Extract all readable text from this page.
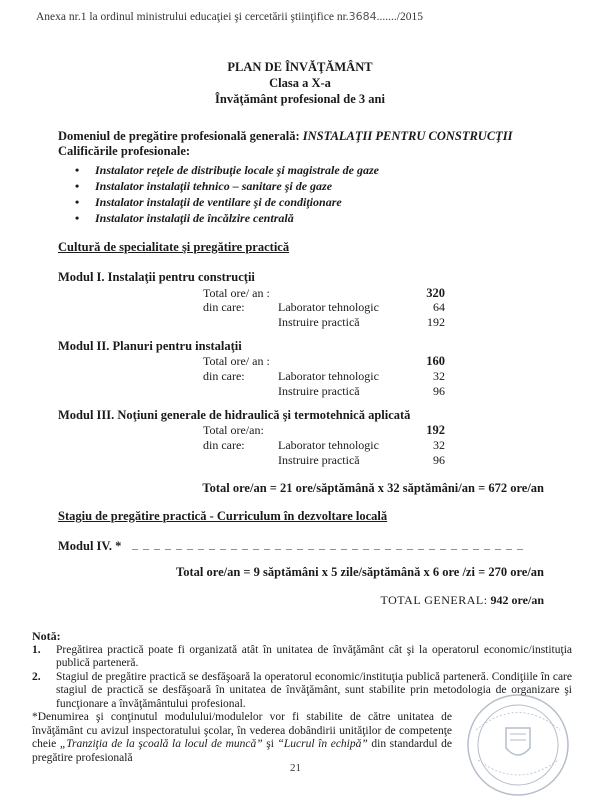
Anexa nr.1 la ordinul ministrului educaţiei şi cercetării ştiinţifice nr.3684......./2015
PLAN DE ÎNVĂŢĂMÂNT
Clasa a X-a
Învăţământ profesional de 3 ani
Domeniul de pregătire profesională generală: INSTALAŢII PENTRU CONSTRUCŢII
Calificările profesionale:
• Instalator reţele de distribuţie locale şi magistrale de gaze
• Instalator instalaţii tehnico – sanitare şi de gaze
• Instalator instalaţii de ventilare şi de condiţionare
• Instalator instalaţii de încălzire centrală
Cultură de specialitate şi pregătire practică
Modul I. Instalaţii pentru construcţii
Total ore/ an :	320
din care:	Laborator tehnologic	64
Instruire practică	192
Modul II. Planuri pentru instalaţii
Total ore/ an :	160
din care:	Laborator tehnologic	32
Instruire practică	96
Modul III. Noţiuni generale de hidraulică şi termotehnică aplicată
Total ore/an:	192
din care:	Laborator tehnologic	32
Instruire practică	96
Total ore/an = 21 ore/săptămână x 32 săptămâni/an = 672 ore/an
Stagiu de pregătire practică - Curriculum în dezvoltare locală
Modul IV. * _ _ _ _ _ _ _ _ _ _ _ _ _ _ _ _ _ _ _ _ _ _ _ _ _ _ _ _ _ _ _ _ _ _ _ _
Total ore/an = 9 săptămâni x 5 zile/săptămână x 6 ore /zi = 270 ore/an
TOTAL GENERAL: 942 ore/an
Notă:
1.	Pregătirea practică poate fi organizată atât în unitatea de învăţământ cât şi la operatorul economic/instituţia publică parteneră.
2.	Stagiul de pregătire practică se desfăşoară la operatorul economic/instituţia publică parteneră. Condiţiile în care stagiul de practică se desfăşoară în unitatea de învăţământ, sunt stabilite prin metodologia de organizare şi funcţionare a învăţământului profesional.
*Denumirea şi conţinutul modulului/modulelor vor fi stabilite de către unitatea de învăţământ cu avizul inspectoratului şcolar, în vederea dobândirii unităţilor de competenţe cheie „Tranziţia de la şcoală la locul de muncă” şi “Lucrul în echipă” din standardul de pregătire profesională
21
